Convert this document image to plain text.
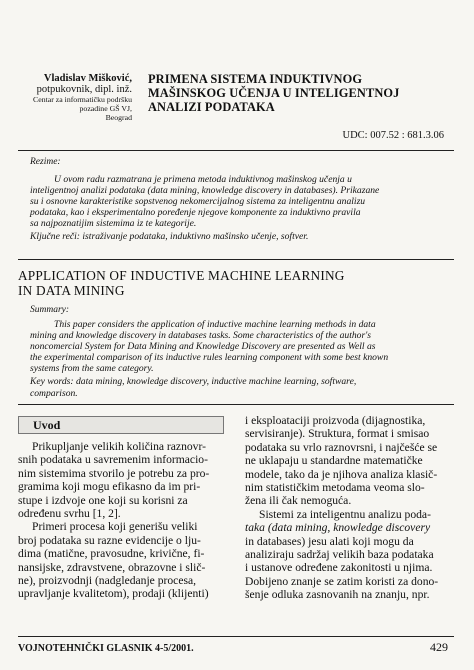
Vladislav Mišković,
potpukovnik, dipl. inž.
Centar za informatičku podršku
pozadine GŠ VJ,
Beograd
PRIMENA SISTEMA INDUKTIVNOG
MAŠINSKOG UČENJA U INTELIGENTNOJ
ANALIZI PODATAKA
UDC: 007.52 : 681.3.06
Rezime:
U ovom radu razmatrana je primena metoda induktivnog mašinskog učenja u
inteligentnoj analizi podataka (data mining, knowledge discovery in databases). Prikazane
su i osnovne karakteristike sopstvenog nekomercijalnog sistema za inteligentnu analizu
podataka, kao i eksperimentalno poređenje njegove komponente za induktivno pravila
sa najpoznatijim sistemima iz te kategorije.
Ključne reči: istraživanje podataka, induktivno mašinsko učenje, softver.
APPLICATION OF INDUCTIVE MACHINE LEARNING
IN DATA MINING
Summary:
This paper considers the application of inductive machine learning methods in data
mining and knowledge discovery in databases tasks. Some characteristics of the author's
noncomercial System for Data Mining and Knowledge Discovery are presented as Well as
the experimental comparison of its inductive rules learning component with some best known
systems from the same category.
Key words: data mining, knowledge discovery, inductive machine learning, software,
comparison.
Uvod

Prikupljanje velikih količina raznovr-

snih podataka u savremenim informacio-

nim sistemima stvorilo je potrebu za pro-

gramima koji mogu efikasno da im pri-

stupe i izdvoje one koji su korisni za

određenu svrhu [1, 2].

Primeri procesa koji generišu veliki

broj podataka su razne evidencije o lju-

dima (matične, pravosudne, krivične, fi-

nansijske, zdravstvene, obrazovne i slič-

ne), proizvodnji (nadgledanje procesa,

upravljanje kvalitetom), prodaji (klijenti)

i eksploataciji proizvoda (dijagnostika,

servisiranje). Struktura, format i smisao

podataka su vrlo raznovrsni, i najčešće se

ne uklapaju u standardne matematičke

modele, tako da je njihova analiza klasič-

nim statističkim metodama veoma slo-

žena ili čak nemoguća.

Sistemi za inteligentnu analizu poda-

taka (data mining, knowledge discovery

in databases) jesu alati koji mogu da

analiziraju sadržaj velikih baza podataka

i ustanove određene zakonitosti u njima.

Dobijeno znanje se zatim koristi za dono-

šenje odluka zasnovanih na znanju, npr.

VOJNOTEHNIČKI GLASNIK 4-5/2001.	429
